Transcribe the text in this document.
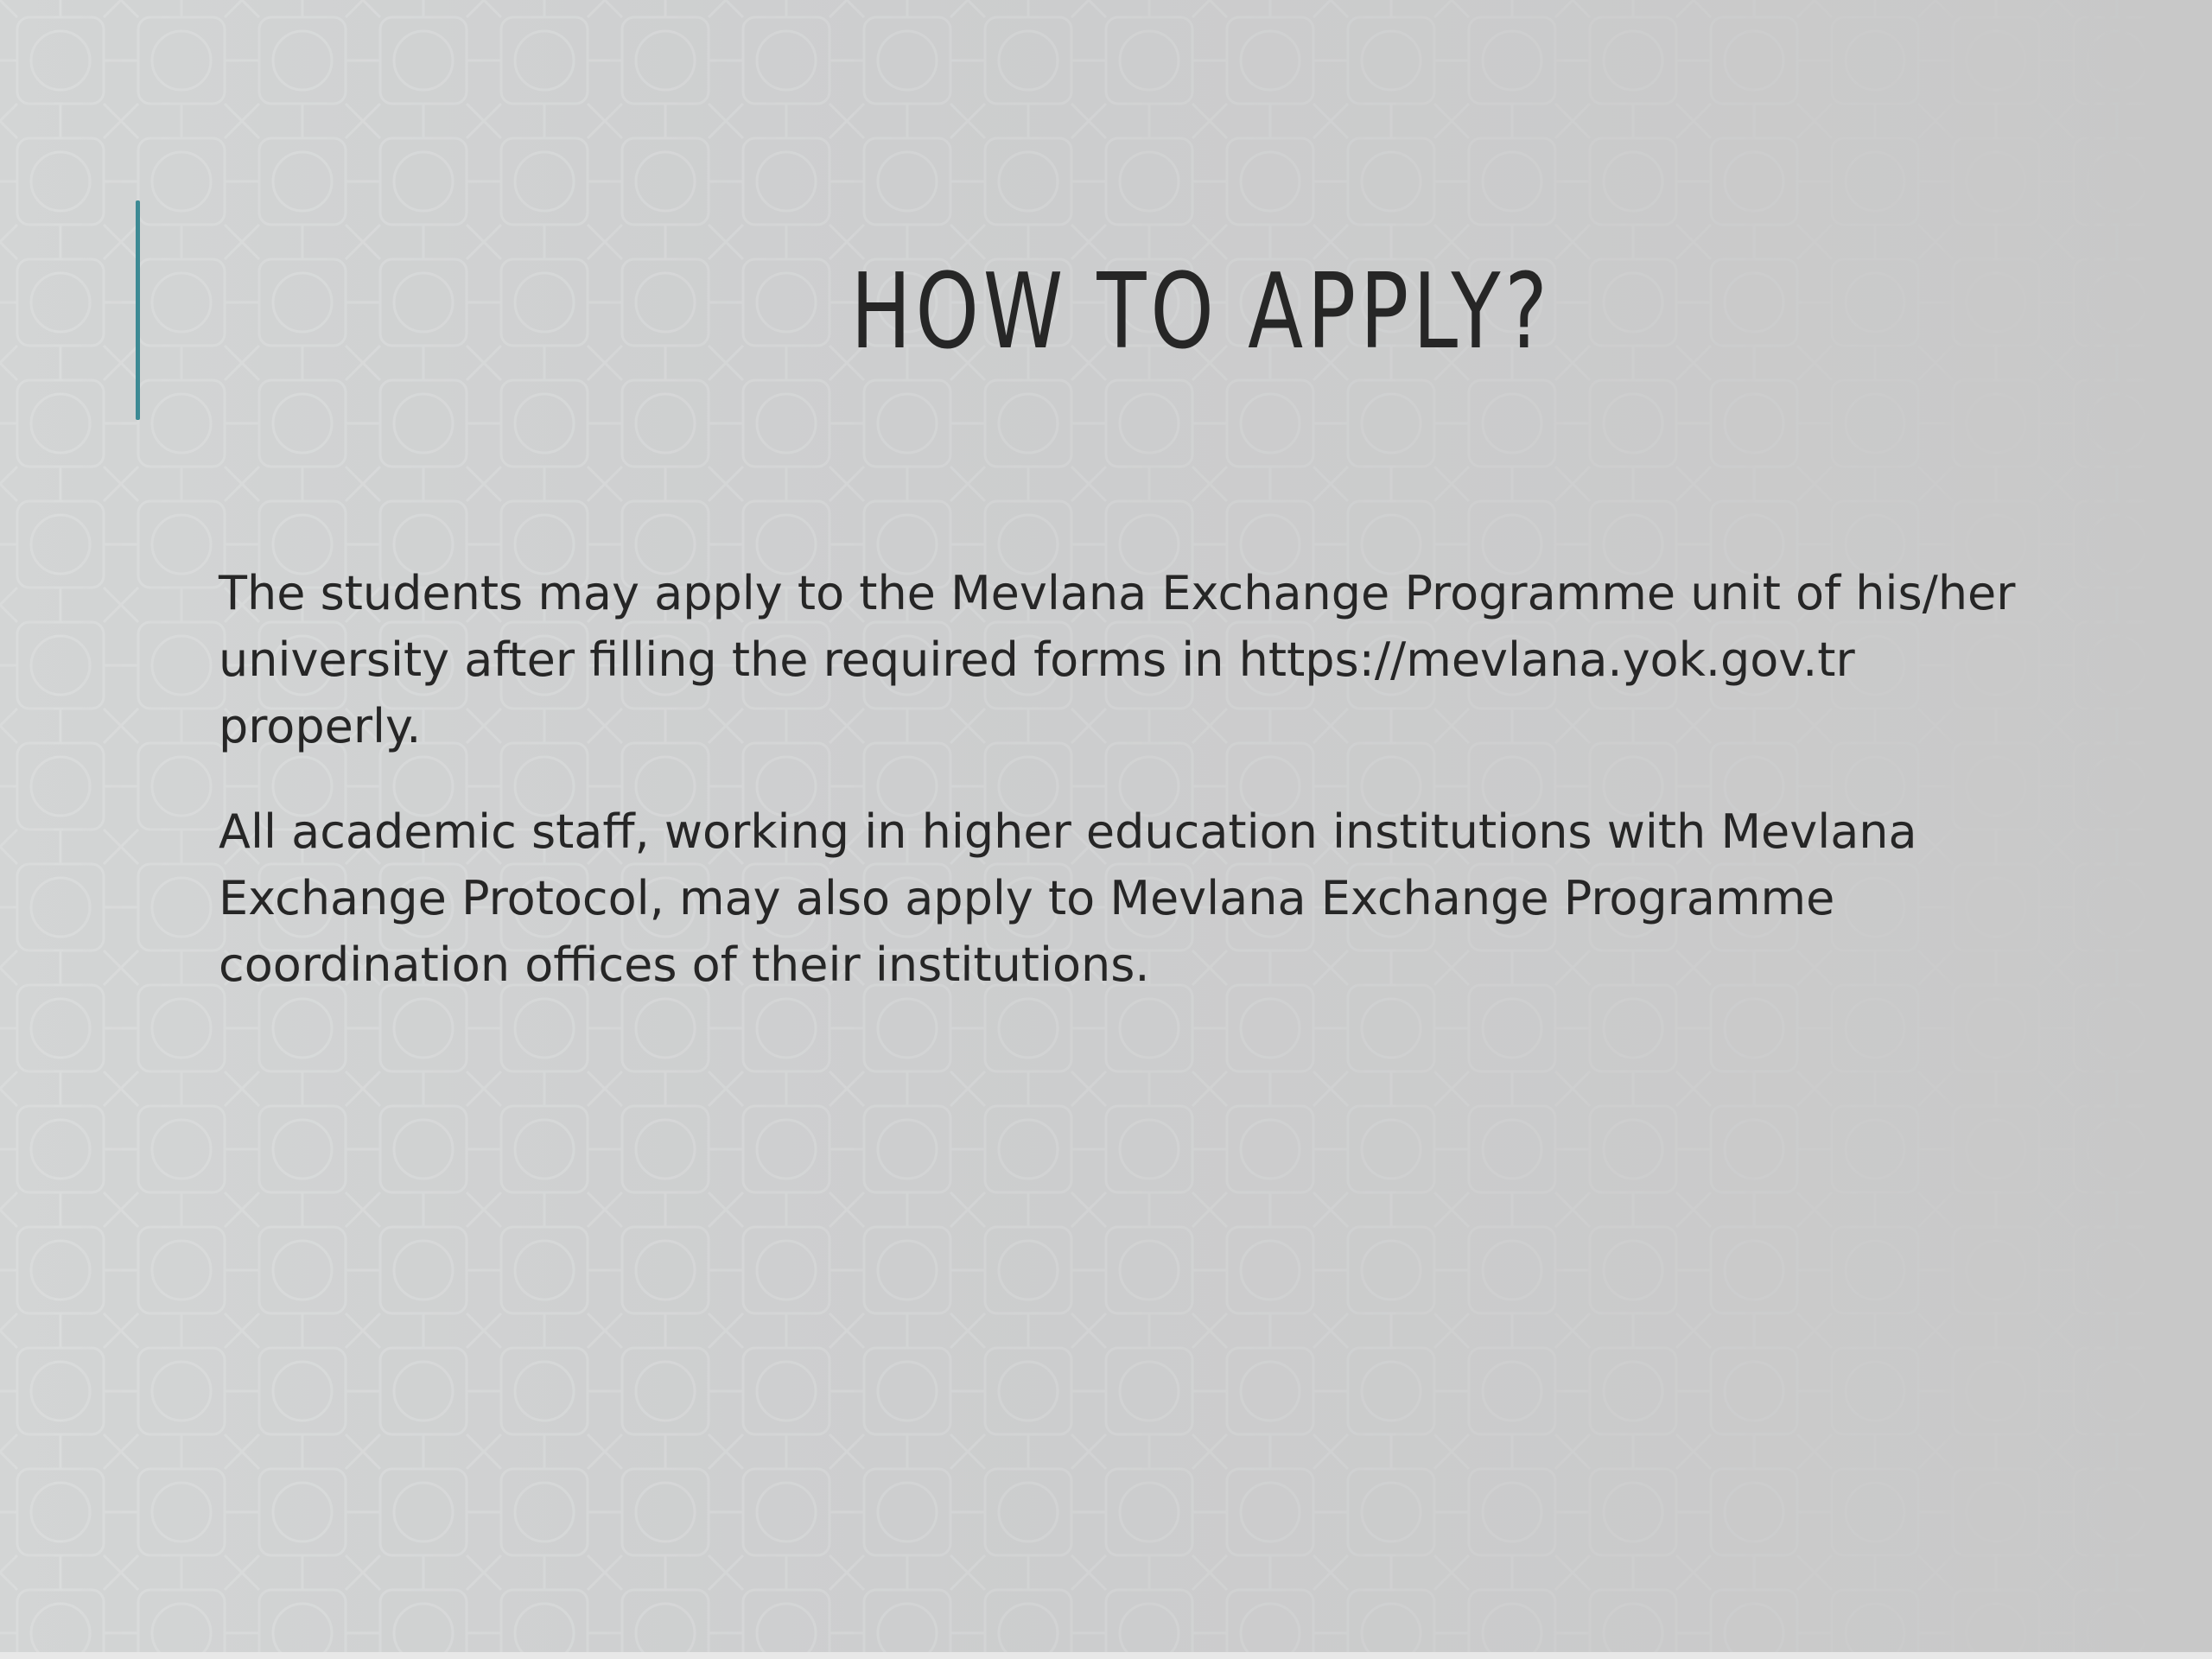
HOW TO APPLY?

The students may apply to the Mevlana Exchange Programme unit of his/her university after filling the required forms in https://mevlana.yok.gov.tr properly.

All academic staff, working in higher education institutions with Mevlana Exchange Protocol, may also apply to Mevlana Exchange Programme coordination offices of their institutions.
